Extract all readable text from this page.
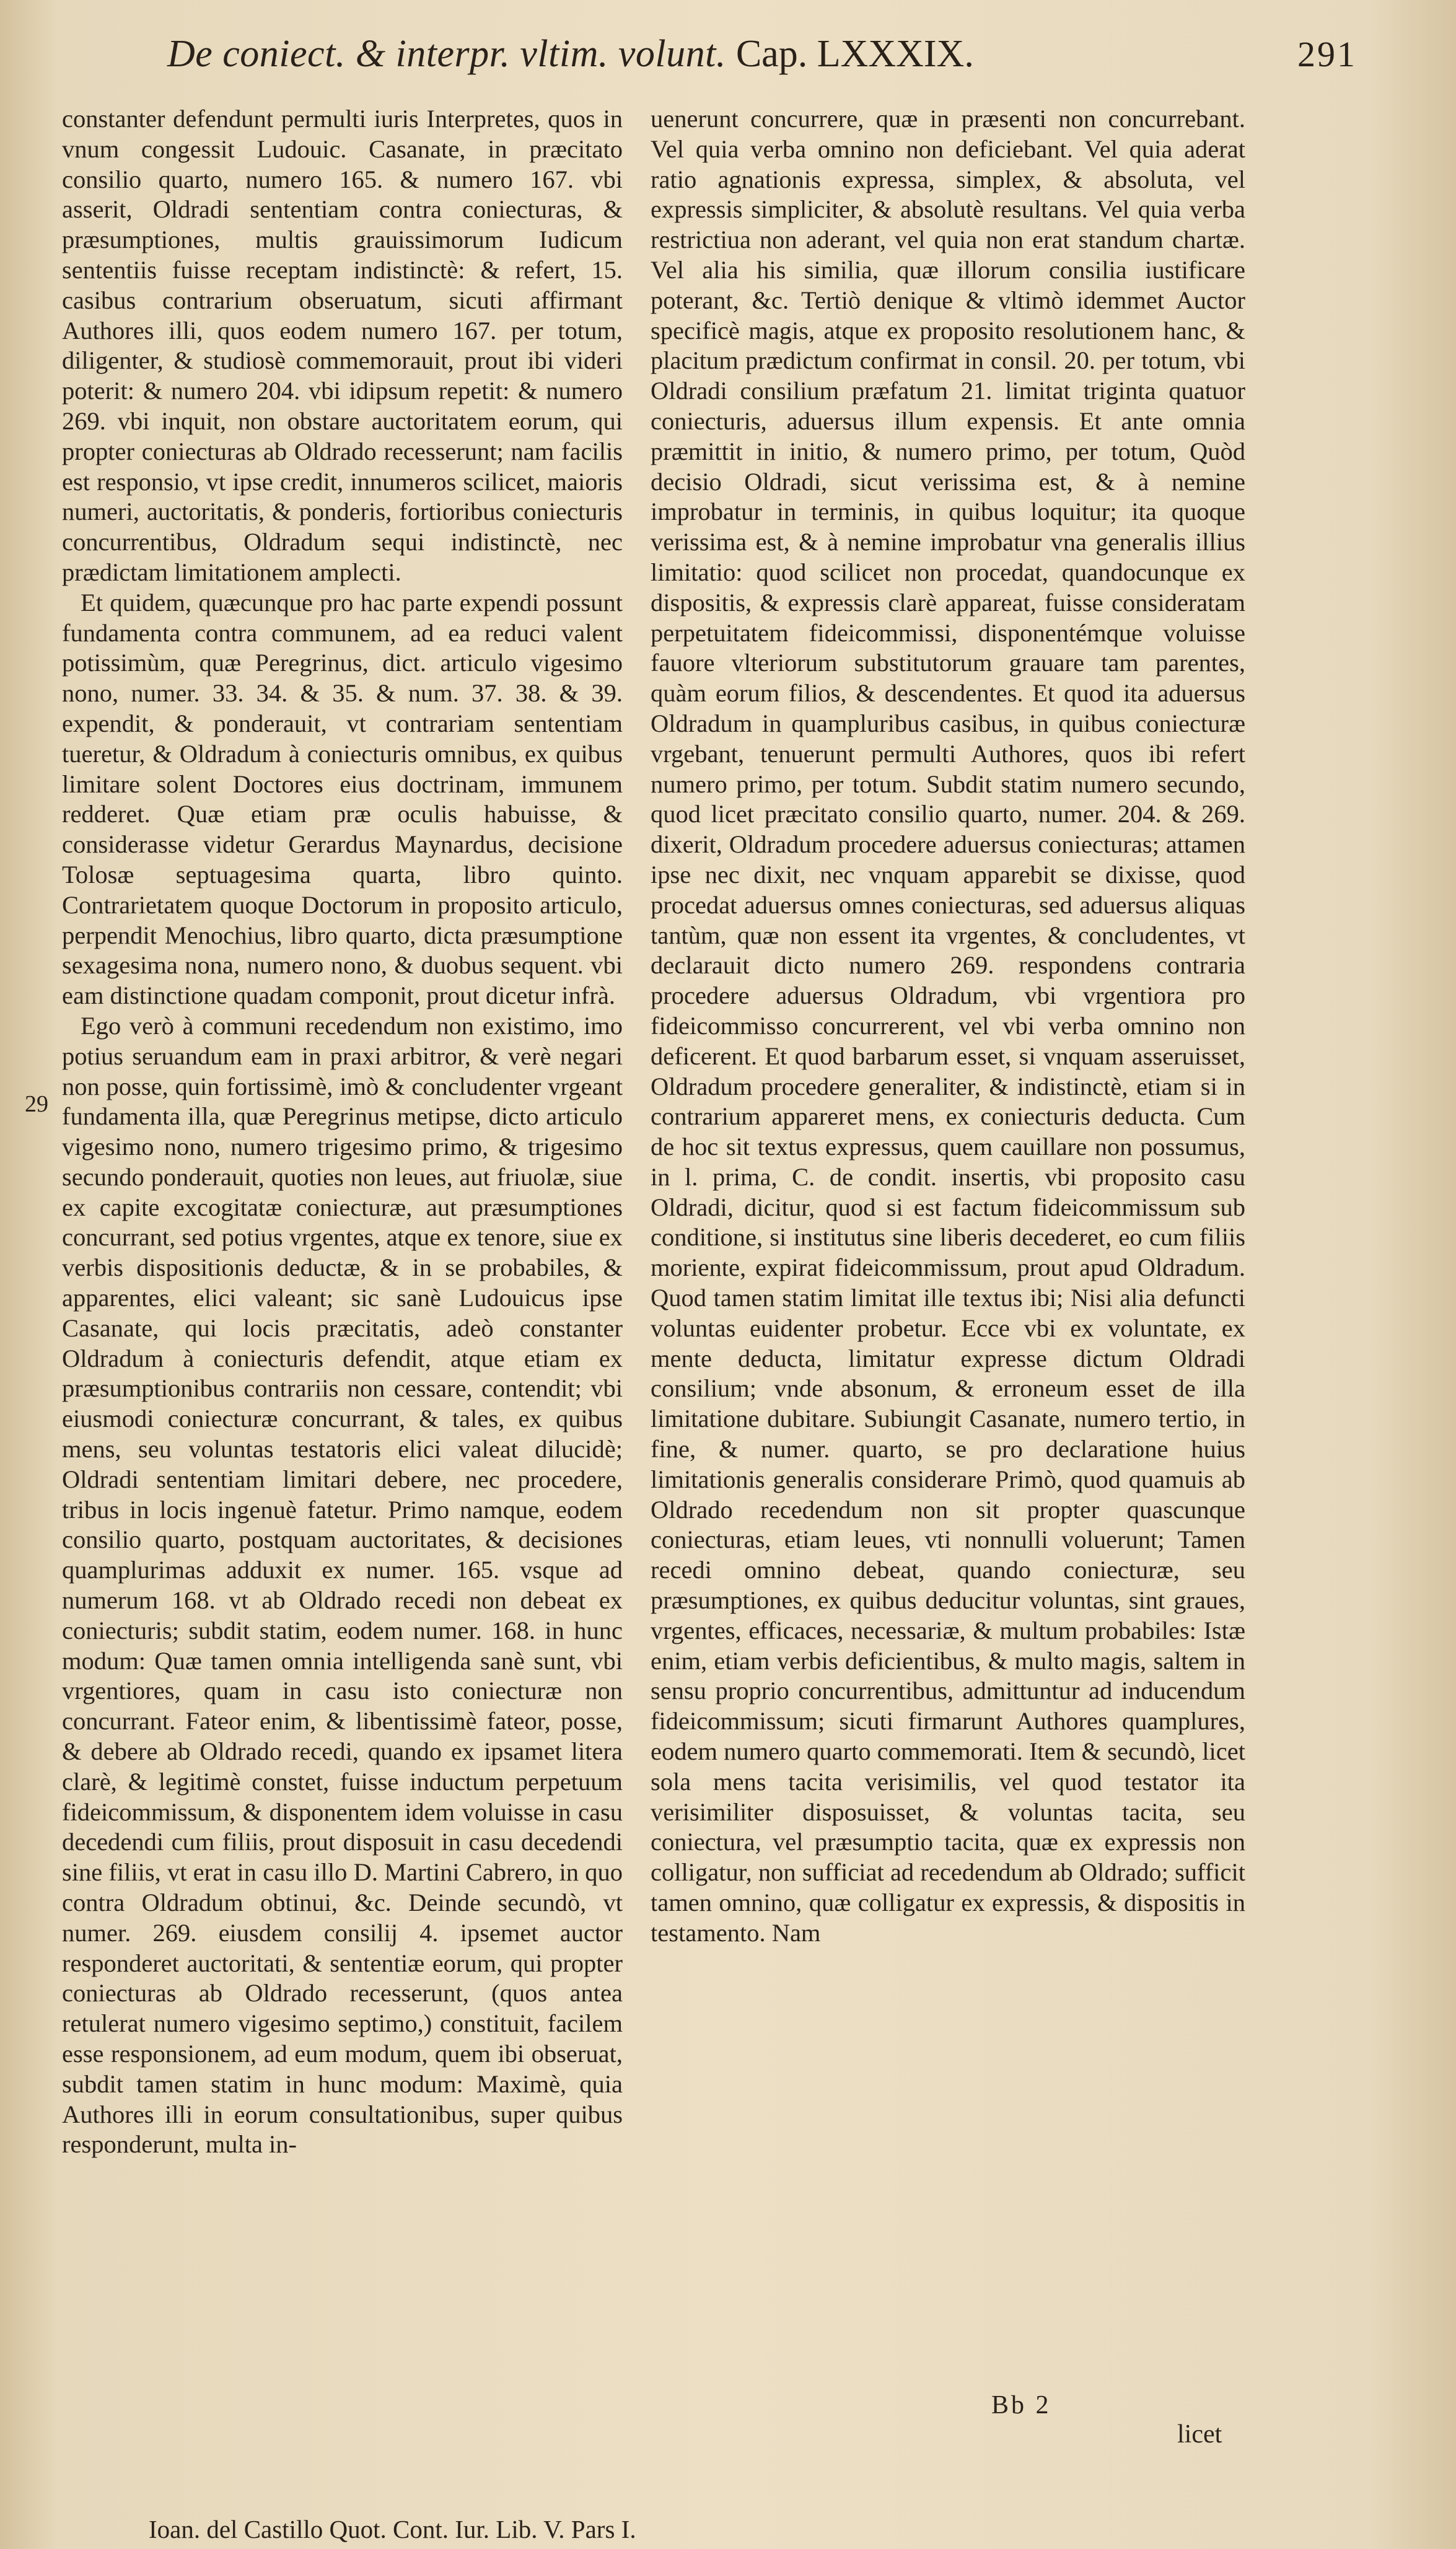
De coniect. & interpr. vltim. volunt. Cap. LXXXIX.	291

constanter defendunt permulti iuris Interpretes, quos in vnum congessit Ludouic. Casanate, in præcitato consilio quarto, numero 165. & numero 167. vbi asserit, Oldradi sententiam contra coniecturas, & præsumptiones, multis grauissimorum Iudicum sententiis fuisse receptam indistinctè: & refert, 15. casibus contrarium obseruatum, sicuti affirmant Authores illi, quos eodem numero 167. per totum, diligenter, & studiosè commemorauit, prout ibi videri poterit: & numero 204. vbi idipsum repetit: & numero 269. vbi inquit, non obstare auctoritatem eorum, qui propter coniecturas ab Oldrado recesserunt; nam facilis est responsio, vt ipse credit, innumeros scilicet, maioris numeri, auctoritatis, & ponderis, fortioribus coniecturis concurrentibus, Oldradum sequi indistinctè, nec prædictam limitationem amplecti.

Et quidem, quæcunque pro hac parte expendi possunt fundamenta contra communem, ad ea reduci valent potissimùm, quæ Peregrinus, dict. articulo vigesimo nono, numer. 33. 34. & 35. & num. 37. 38. & 39. expendit, & ponderauit, vt contrariam sententiam tueretur, & Oldradum à coniecturis omnibus, ex quibus limitare solent Doctores eius doctrinam, immunem redderet. Quæ etiam præ oculis habuisse, & considerasse videtur Gerardus Maynardus, decisione Tolosæ septuagesima quarta, libro quinto. Contrarietatem quoque Doctorum in proposito articulo, perpendit Menochius, libro quarto, dicta præsumptione sexagesima nona, numero nono, & duobus sequent. vbi eam distinctione quadam componit, prout dicetur infrà.

Ego verò à communi recedendum non existimo, imo potius seruandum eam in praxi arbitror, & verè negari non posse, quin fortissimè, imò & concludenter vrgeant fundamenta illa, quæ Peregrinus metipse, dicto articulo vigesimo nono, numero trigesimo primo, & trigesimo secundo ponderauit, quoties non leues, aut friuolæ, siue ex capite excogitatæ coniecturæ, aut præsumptiones concurrant, sed potius vrgentes, atque ex tenore, siue ex verbis dispositionis deductæ, & in se probabiles, & apparentes, elici valeant; sic sanè Ludouicus ipse Casanate, qui locis præcitatis, adeò constanter Oldradum à coniecturis defendit, atque etiam ex præsumptionibus contrariis non cessare, contendit; vbi eiusmodi coniecturæ concurrant, & tales, ex quibus mens, seu voluntas testatoris elici valeat dilucidè; Oldradi sententiam limitari debere, nec procedere, tribus in locis ingenuè fatetur. Primo namque, eodem consilio quarto, postquam auctoritates, & decisiones quamplurimas adduxit ex numer. 165. vsque ad numerum 168. vt ab Oldrado recedi non debeat ex coniecturis; subdit statim, eodem numer. 168. in hunc modum: Quæ tamen omnia intelligenda sanè sunt, vbi vrgentiores, quam in casu isto coniecturæ non concurrant. Fateor enim, & libentissimè fateor, posse, & debere ab Oldrado recedi, quando ex ipsamet litera clarè, & legitimè constet, fuisse inductum perpetuum fideicommissum, & disponentem idem voluisse in casu decedendi cum filiis, prout disposuit in casu decedendi sine filiis, vt erat in casu illo D. Martini Cabrero, in quo contra Oldradum obtinui, &c. Deinde secundò, vt numer. 269. eiusdem consilij 4. ipsemet auctor responderet auctoritati, & sententiæ eorum, qui propter coniecturas ab Oldrado recesserunt, (quos antea retulerat numero vigesimo septimo,) constituit, facilem esse responsionem, ad eum modum, quem ibi obseruat, subdit tamen statim in hunc modum: Maximè, quia Authores illi in eorum consultationibus, super quibus responderunt, multa in-

29

uenerunt concurrere, quæ in præsenti non concurrebant. Vel quia verba omnino non deficiebant. Vel quia aderat ratio agnationis expressa, simplex, & absoluta, vel expressis simpliciter, & absolutè resultans. Vel quia verba restrictiua non aderant, vel quia non erat standum chartæ. Vel alia his similia, quæ illorum consilia iustificare poterant, &c. Tertiò denique & vltimò idemmet Auctor specificè magis, atque ex proposito resolutionem hanc, & placitum prædictum confirmat in consil. 20. per totum, vbi Oldradi consilium præfatum 21. limitat triginta quatuor coniecturis, aduersus illum expensis. Et ante omnia præmittit in initio, & numero primo, per totum, Quòd decisio Oldradi, sicut verissima est, & à nemine improbatur in terminis, in quibus loquitur; ita quoque verissima est, & à nemine improbatur vna generalis illius limitatio: quod scilicet non procedat, quandocunque ex dispositis, & expressis clarè appareat, fuisse consideratam perpetuitatem fideicommissi, disponentémque voluisse fauore vlteriorum substitutorum grauare tam parentes, quàm eorum filios, & descendentes. Et quod ita aduersus Oldradum in quampluribus casibus, in quibus coniecturæ vrgebant, tenuerunt permulti Authores, quos ibi refert numero primo, per totum. Subdit statim numero secundo, quod licet præcitato consilio quarto, numer. 204. & 269. dixerit, Oldradum procedere aduersus coniecturas; attamen ipse nec dixit, nec vnquam apparebit se dixisse, quod procedat aduersus omnes coniecturas, sed aduersus aliquas tantùm, quæ non essent ita vrgentes, & concludentes, vt declarauit dicto numero 269. respondens contraria procedere aduersus Oldradum, vbi vrgentiora pro fideicommisso concurrerent, vel vbi verba omnino non deficerent. Et quod barbarum esset, si vnquam asseruisset, Oldradum procedere generaliter, & indistinctè, etiam si in contrarium appareret mens, ex coniecturis deducta. Cum de hoc sit textus expressus, quem cauillare non possumus, in l. prima, C. de condit. insertis, vbi proposito casu Oldradi, dicitur, quod si est factum fideicommissum sub conditione, si institutus sine liberis decederet, eo cum filiis moriente, expirat fideicommissum, prout apud Oldradum. Quod tamen statim limitat ille textus ibi; Nisi alia defuncti voluntas euidenter probetur. Ecce vbi ex voluntate, ex mente deducta, limitatur expresse dictum Oldradi consilium; vnde absonum, & erroneum esset de illa limitatione dubitare. Subiungit Casanate, numero tertio, in fine, & numer. quarto, se pro declaratione huius limitationis generalis considerare Primò, quod quamuis ab Oldrado recedendum non sit propter quascunque coniecturas, etiam leues, vti nonnulli voluerunt; Tamen recedi omnino debeat, quando coniecturæ, seu præsumptiones, ex quibus deducitur voluntas, sint graues, vrgentes, efficaces, necessariæ, & multum probabiles: Istæ enim, etiam verbis deficientibus, & multo magis, saltem in sensu proprio concurrentibus, admittuntur ad inducendum fideicommissum; sicuti firmarunt Authores quamplures, eodem numero quarto commemorati. Item & secundò, licet sola mens tacita verisimilis, vel quod testator ita verisimiliter disposuisset, & voluntas tacita, seu coniectura, vel præsumptio tacita, quæ ex expressis non colligatur, non sufficiat ad recedendum ab Oldrado; sufficit tamen omnino, quæ colligatur ex expressis, & dispositis in testamento. Nam

Bb 2
licet
Ioan. del Castillo Quot. Cont. Iur. Lib. V. Pars I.
